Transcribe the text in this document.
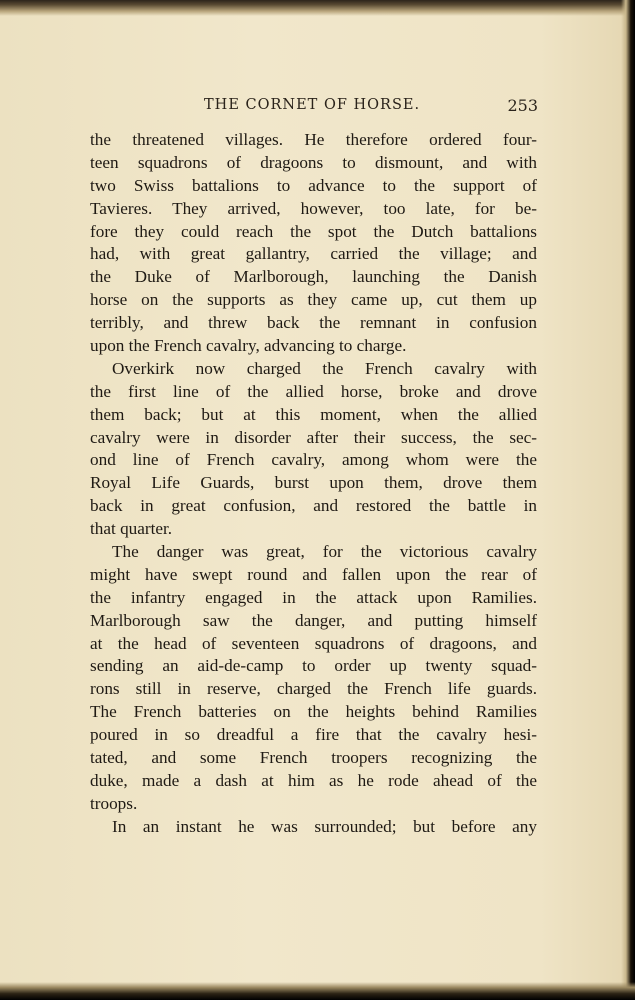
THE CORNET OF HORSE.	253
the threatened villages. He therefore ordered four-
teen squadrons of dragoons to dismount, and with
two Swiss battalions to advance to the support of
Tavieres. They arrived, however, too late, for be-
fore they could reach the spot the Dutch battalions
had, with great gallantry, carried the village; and
the Duke of Marlborough, launching the Danish
horse on the supports as they came up, cut them up
terribly, and threw back the remnant in confusion
upon the French cavalry, advancing to charge.
Overkirk now charged the French cavalry with
the first line of the allied horse, broke and drove
them back; but at this moment, when the allied
cavalry were in disorder after their success, the sec-
ond line of French cavalry, among whom were the
Royal Life Guards, burst upon them, drove them
back in great confusion, and restored the battle in
that quarter.
The danger was great, for the victorious cavalry
might have swept round and fallen upon the rear of
the infantry engaged in the attack upon Ramilies.
Marlborough saw the danger, and putting himself
at the head of seventeen squadrons of dragoons, and
sending an aid-de-camp to order up twenty squad-
rons still in reserve, charged the French life guards.
The French batteries on the heights behind Ramilies
poured in so dreadful a fire that the cavalry hesi-
tated, and some French troopers recognizing the
duke, made a dash at him as he rode ahead of the
troops.
In an instant he was surrounded; but before any
